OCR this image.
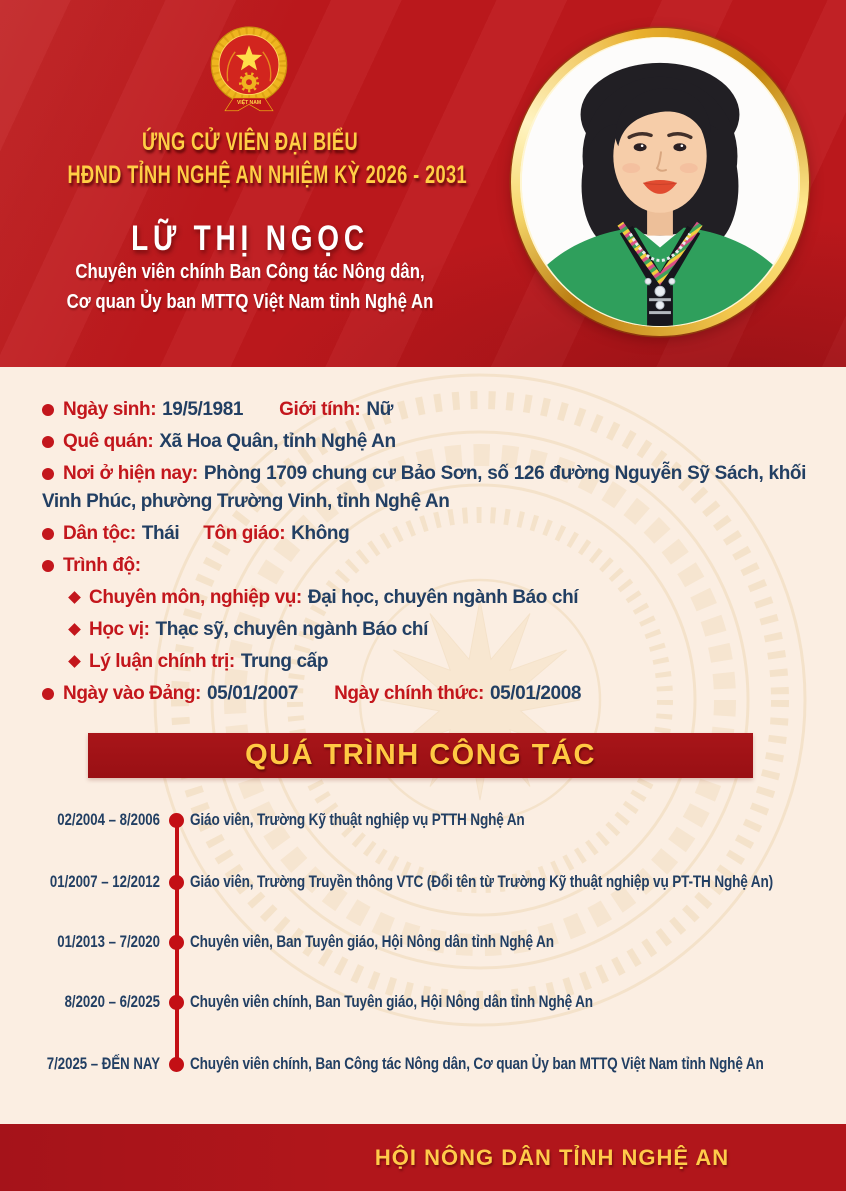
VIỆT NAM
ỨNG CỬ VIÊN ĐẠI BIỂU
HĐND TỈNH NGHỆ AN NHIỆM KỲ 2026 - 2031
LỮ THỊ NGỌC
Chuyên viên chính Ban Công tác Nông dân,
Cơ quan Ủy ban MTTQ Việt Nam tỉnh Nghệ An
Ngày sinh: 19/5/1981 Giới tính: Nữ
Quê quán: Xã Hoa Quân, tỉnh Nghệ An
Nơi ở hiện nay: Phòng 1709 chung cư Bảo Sơn, số 126 đường Nguyễn Sỹ Sách, khối Vinh Phúc, phường Trường Vinh, tỉnh Nghệ An
Dân tộc: Thái Tôn giáo: Không
Trình độ:
Chuyên môn, nghiệp vụ: Đại học, chuyên ngành Báo chí
Học vị: Thạc sỹ, chuyên ngành Báo chí
Lý luận chính trị: Trung cấp
Ngày vào Đảng: 05/01/2007 Ngày chính thức: 05/01/2008
QUÁ TRÌNH CÔNG TÁC
02/2004 – 8/2006 Giáo viên, Trường Kỹ thuật nghiệp vụ PTTH Nghệ An
01/2007 – 12/2012 Giáo viên, Trường Truyền thông VTC (Đổi tên từ Trường Kỹ thuật nghiệp vụ PT-TH Nghệ An)
01/2013 – 7/2020 Chuyên viên, Ban Tuyên giáo, Hội Nông dân tỉnh Nghệ An
8/2020 – 6/2025 Chuyên viên chính, Ban Tuyên giáo, Hội Nông dân tỉnh Nghệ An
7/2025 – ĐẾN NAY Chuyên viên chính, Ban Công tác Nông dân, Cơ quan Ủy ban MTTQ Việt Nam tỉnh Nghệ An
HỘI NÔNG DÂN TỈNH NGHỆ AN
